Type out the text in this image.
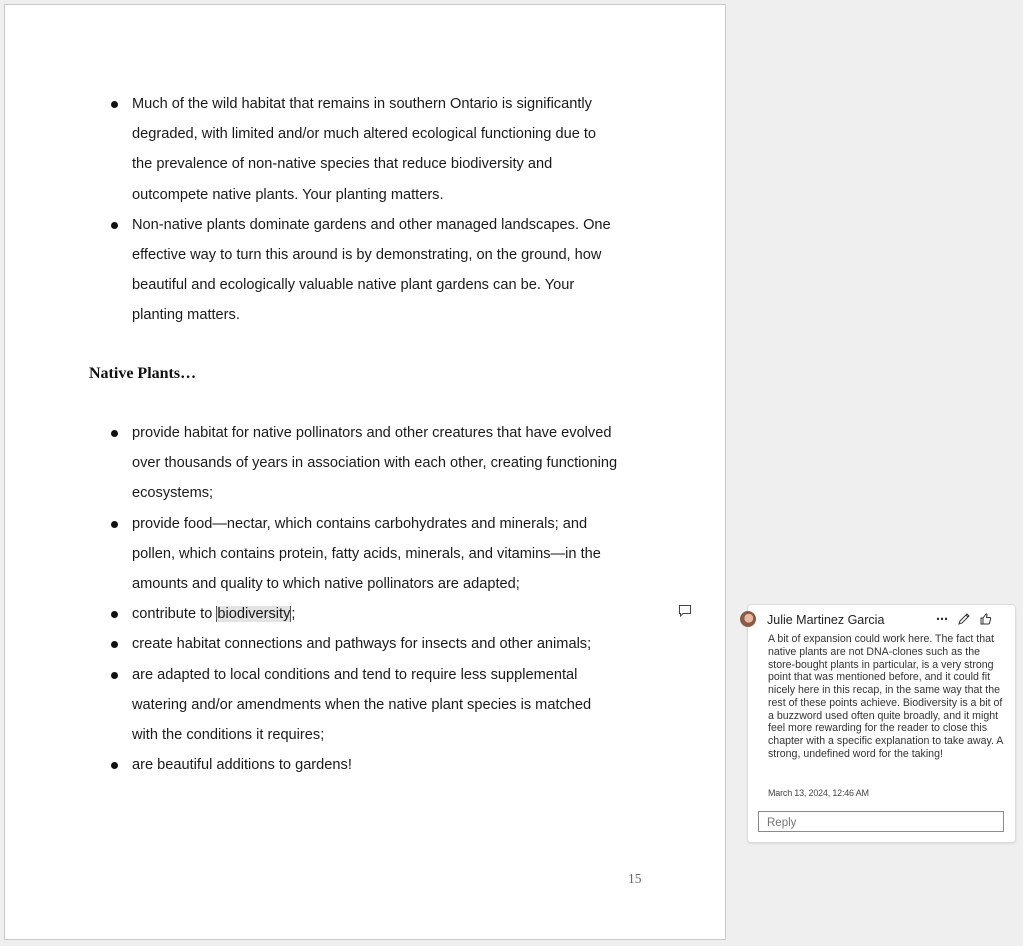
Much of the wild habitat that remains in southern Ontario is significantly
degraded, with limited and/or much altered ecological functioning due to
the prevalence of non-native species that reduce biodiversity and
outcompete native plants. Your planting matters.
Non-native plants dominate gardens and other managed landscapes. One
effective way to turn this around is by demonstrating, on the ground, how
beautiful and ecologically valuable native plant gardens can be. Your
planting matters.
Native Plants…
provide habitat for native pollinators and other creatures that have evolved
over thousands of years in association with each other, creating functioning
ecosystems;
provide food—nectar, which contains carbohydrates and minerals; and
pollen, which contains protein, fatty acids, minerals, and vitamins—in the
amounts and quality to which native pollinators are adapted;
contribute to biodiversity;
create habitat connections and pathways for insects and other animals;
are adapted to local conditions and tend to require less supplemental
watering and/or amendments when the native plant species is matched
with the conditions it requires;
are beautiful additions to gardens!
15
Julie Martinez Garcia	⋯
A bit of expansion could work here. The fact that native plants are not DNA-clones such as the store-bought plants in particular, is a very strong point that was mentioned before, and it could fit nicely here in this recap, in the same way that the rest of these points achieve. Biodiversity is a bit of a buzzword used often quite broadly, and it might feel more rewarding for the reader to close this chapter with a specific explanation to take away. A strong, undefined word for the taking!
March 13, 2024, 12:46 AM
Reply
